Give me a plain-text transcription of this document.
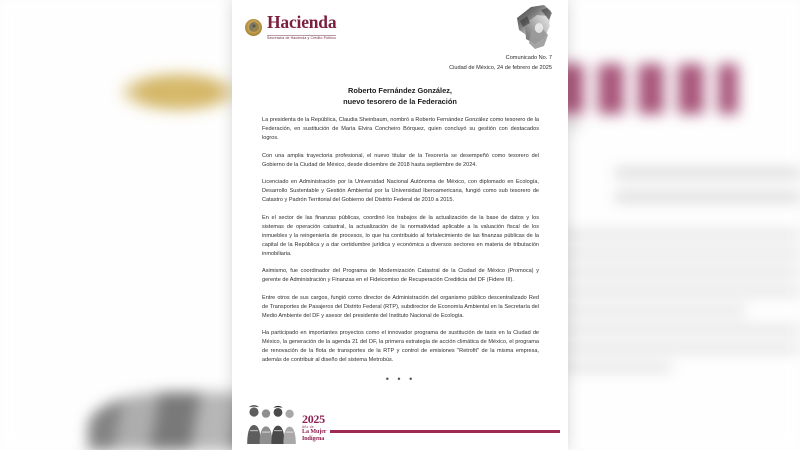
Hacienda
Secretaría de Hacienda y Crédito Público
Comunicado No. 7
Ciudad de México, 24 de febrero de 2025
Roberto Fernández González,
nuevo tesorero de la Federación

La presidenta de la República, Claudia Sheinbaum, nombró a Roberto Fernández González como tesorero de la Federación, en sustitución de María Elvira Concheiro Bórquez, quien concluyó su gestión con destacados logros.

Con una amplia trayectoria profesional, el nuevo titular de la Tesorería se desempeñó como tesorero del Gobierno de la Ciudad de México, desde diciembre de 2018 hasta septiembre de 2024.

Licenciado en Administración por la Universidad Nacional Autónoma de México, con diplomado en Ecología, Desarrollo Sustentable y Gestión Ambiental por la Universidad Iberoamericana, fungió como sub tesorero de Catastro y Padrón Territorial del Gobierno del Distrito Federal de 2010 a 2015.

En el sector de las finanzas públicas, coordinó los trabajos de la actualización de la base de datos y los sistemas de operación catastral, la actualización de la normatividad aplicable a la valuación fiscal de los inmuebles y la reingeniería de procesos, lo que ha contribuido al fortalecimiento de las finanzas públicas de la capital de la República y a dar certidumbre jurídica y económica a diversos sectores en materia de tributación inmobiliaria.

Asimismo, fue coordinador del Programa de Modernización Catastral de la Ciudad de México (Promoca) y gerente de Administración y Finanzas en el Fideicomiso de Recuperación Crediticia del DF (Fidere III).

Entre otros de sus cargos, fungió como director de Administración del organismo público descentralizado Red de Transportes de Pasajeros del Distrito Federal (RTP), subdirector de Economía Ambiental en la Secretaría del Medio Ambiente del DF y asesor del presidente del Instituto Nacional de Ecología.

Ha participado en importantes proyectos como el innovador programa de sustitución de taxis en la Ciudad de México, la generación de la agenda 21 del DF, la primera estrategia de acción climática de México, el programa de renovación de la flota de transportes de la RTP y control de emisiones "Retrofit" de la misma empresa, además de contribuir al diseño del sistema Metrobús.

• • •
2025
Año de
La Mujer
Indígena
